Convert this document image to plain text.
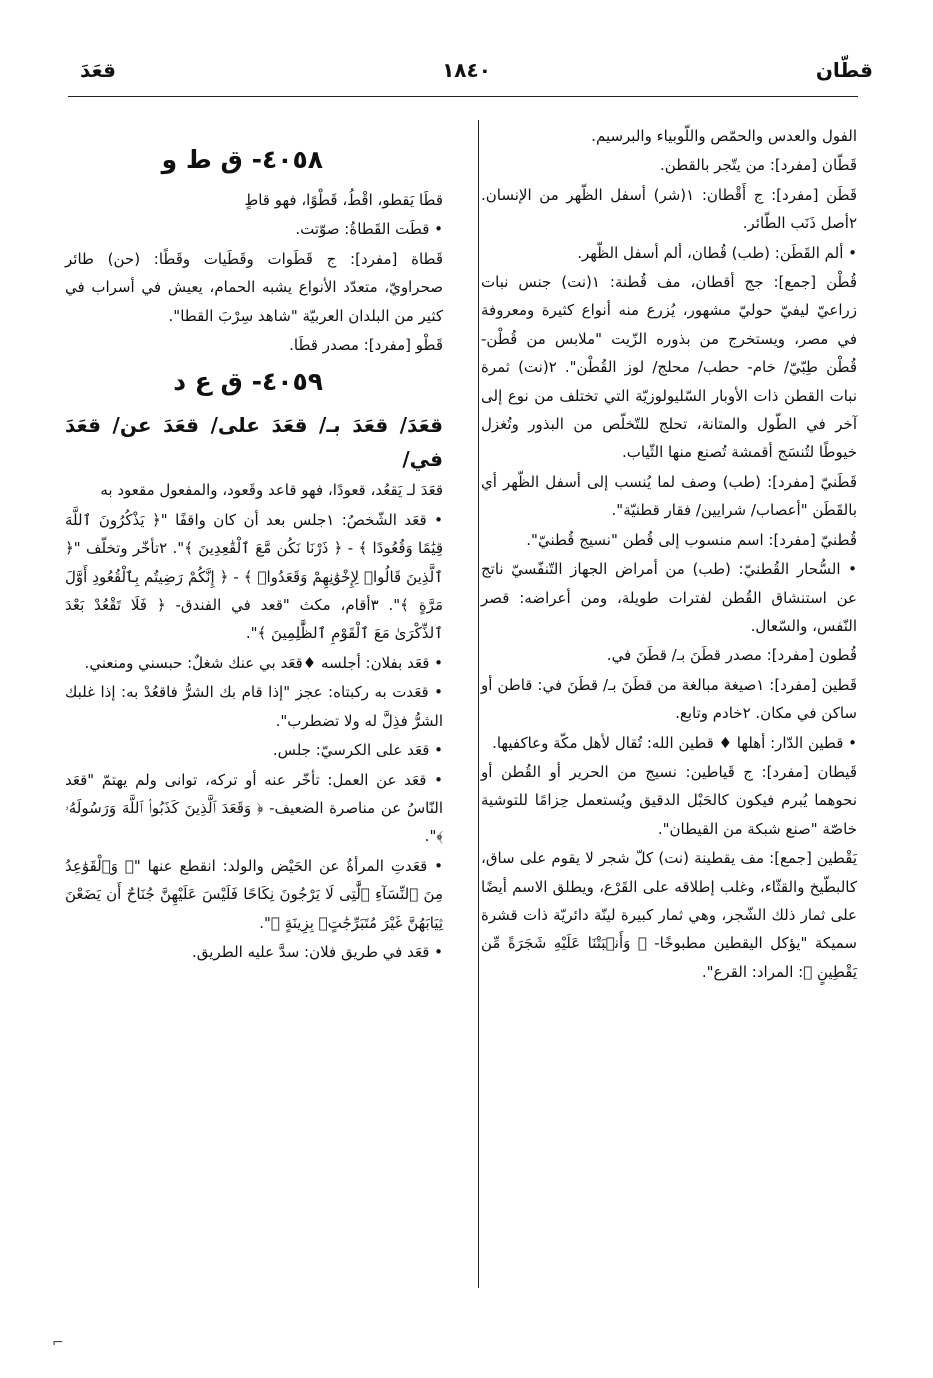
قعَدَ	١٨٤٠	قطّان

الفول والعدس والحمّص واللّوبياء والبرسيم.

قَطّان [مفرد]: من يتّجر بالقطن.

قَطَن [مفرد]: ج أَقْطان: ١(شر) أسفل الظّهر من الإنسان. ٢أصل ذَنَب الطّائر.

• ألم القَطَن: (طب) قُطان، ألم أسفل الظّهر.

قُطْن [جمع]: جج أقطان، مف قُطنة: ١(نت) جنس نبات زراعيّ ليفيّ حوليّ مشهور، يُزرع منه أنواع كثيرة ومعروفة في مصر، ويستخرج من بذوره الزّيت "ملابس من قُطْن- قُطْن طِبّيّ/ خام- حطب/ محلج/ لوز القُطْن". ٢(نت) ثمرة نبات القطن ذات الأوبار السّليولوزيّة التي تختلف من نوع إلى آخر في الطّول والمتانة، تحلج للتّخلّص من البذور وتُغزل خيوطًا لتُنسَج أقمشة تُصنع منها الثّياب.

قَطَنيّ [مفرد]: (طب) وصف لما يُنسب إلى أسفل الظّهر أي بالقَطَن "أعصاب/ شرايين/ فقار قطنيّة".

قُطنيّ [مفرد]: اسم منسوب إلى قُطن "نسيج قُطنيّ".

• السُّحار القُطنيّ: (طب) من أمراض الجهاز التّنفّسيّ ناتج عن استنشاق القُطن لفترات طويلة، ومن أعراضه: قصر النّفس، والسّعال.

قُطون [مفرد]: مصدر قطَنَ بـ/ قطَنَ في.

قَطين [مفرد]: ١صيغة مبالغة من قطَنَ بـ/ قطَنَ في: قاطن أو ساكن في مكان. ٢خادم وتابع.

• قطين الدّار: أهلها ♦ قطين الله: تُقال لأهل مكّة وعاكفيها.

قَيطان [مفرد]: ج قَياطين: نسيج من الحرير أو القُطن أو نحوهما يُبرم فيكون كالحَبْل الدقيق ويُستعمل حِزامًا للتوشية خاصّة "صنع شبكة من القيطان".

يَقْطين [جمع]: مف يقطينة (نت) كلّ شجر لا يقوم على ساق، كالبطّيخ والقثّاء، وغلب إطلاقه على القَرْع، ويطلق الاسم أيضًا على ثمار ذلك الشّجر، وهي ثمار كبيرة لينّة دائريّة ذات قشرة سميكة "يؤكل اليقطين مطبوخًا- ﴿ وَأَنۢبَتْنَا عَلَيْهِ شَجَرَةً مِّن يَقْطِينٍ ﴾: المراد: القرع".

٤٠٥٨- ق ط و

قطَا يَقطو، اقْطُ، قَطْوًا، فهو قاطٍ

• قطَت القَطاةُ: صوّتت.

قَطاة [مفرد]: ج قَطَوات وقَطَيات وقَطًا: (حن) طائر صحراويّ، متعدّد الأنواع يشبه الحمام، يعيش في أسراب في كثير من البلدان العربيّة "شاهد سِرْبَ القطا".

قَطْو [مفرد]: مصدر قطَا.

٤٠٥٩- ق ع د
قعَدَ/ قعَدَ بـ/ قعَدَ على/ قعَدَ عن/ قعَدَ في/

قعَدَ لـ يَقعُد، قعودًا، فهو قاعد وقَعود، والمفعول مقعود به

• قعَد الشّخصُ: ١جلس بعد أن كان واقفًا "﴿ يَذْكُرُونَ ٱللَّهَ قِيَٰمًا وَقُعُودًا ﴾ - ﴿ ذَرْنَا نَكُن مَّعَ ٱلْقَٰعِدِينَ ﴾". ٢تأخّر وتخلّف "﴿ ٱلَّذِينَ قَالُوا۟ لِإِخْوَٰنِهِمْ وَقَعَدُوا۟ ﴾ - ﴿ إِنَّكُمْ رَضِيتُم بِٱلْقُعُودِ أَوَّلَ مَرَّةٍ ﴾". ٣أقام، مكث "قعد في الفندق- ﴿ فَلَا تَقْعُدْ بَعْدَ ٱلذِّكْرَىٰ مَعَ ٱلْقَوْمِ ٱلظَّٰلِمِينَ ﴾".

• قعَد بفلان: أجلسه ♦قعَد بي عنك شغلٌ: حبسني ومنعني.

• قعَدت به ركبتاه: عجز "إذا قام بك الشرُّ فاقعُدْ به: إذا غلبك الشرُّ فذِلَّ له ولا تضطرب".

• قعَد على الكرسيّ: جلس.

• قعَد عن العمل: تأخّر عنه أو تركه، توانى ولم يهتمّ "قعَد النّاسُ عن مناصرة الضعيف- ﴿ وَقَعَدَ ٱلَّذِينَ كَذَبُوا۟ ٱللَّهَ وَرَسُولَهُۥ ﴾".

• قعَدتِ المرأةُ عن الحَيْض والولد: انقطع عنها "﴿ وَٱلْقَوَٰعِدُ مِنَ ٱلنِّسَآءِ ٱلَّٰتِى لَا يَرْجُونَ نِكَاحًا فَلَيْسَ عَلَيْهِنَّ جُنَاحٌ أَن يَضَعْنَ ثِيَابَهُنَّ غَيْرَ مُتَبَرِّجَٰتٍۭ بِزِينَةٍ ﴾".

• قعَد في طريق فلان: سدَّ عليه الطريق.

⌐
